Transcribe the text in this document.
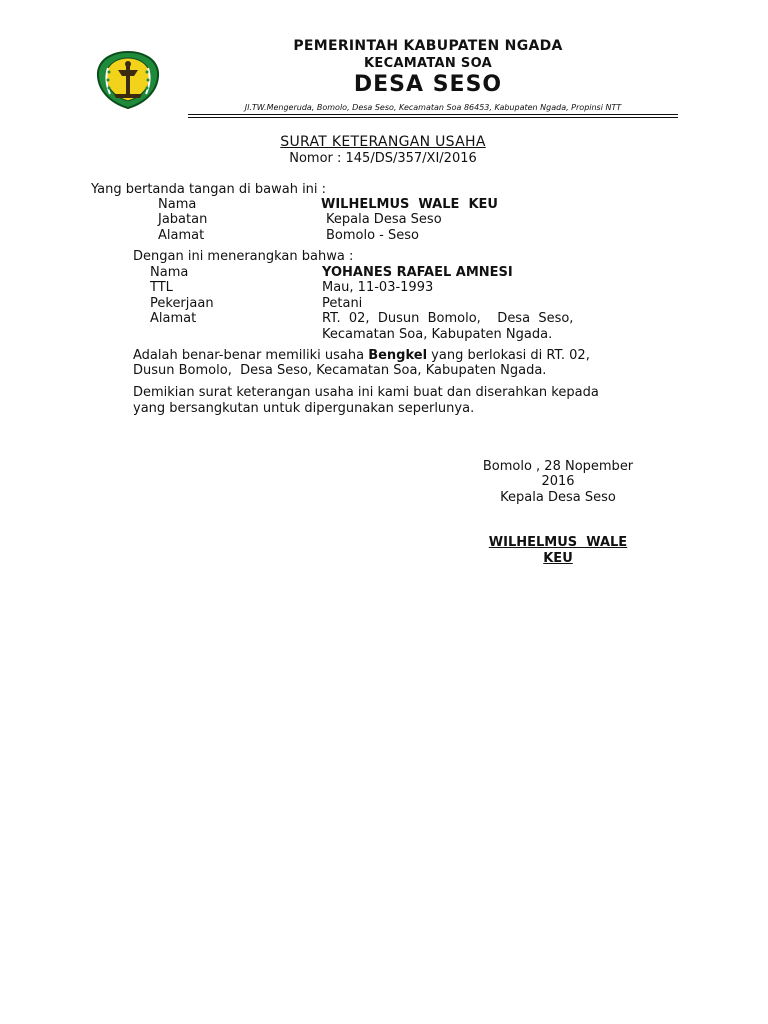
PEMERINTAH KABUPATEN NGADA
KECAMATAN SOA
DESA SESO
Jl.TW.Mengeruda, Bomolo, Desa Seso, Kecamatan Soa 86453, Kabupaten Ngada, Propinsi NTT
SURAT KETERANGAN USAHA
Nomor : 145/DS/357/XI/2016
Yang bertanda tangan di bawah ini :
Nama	WILHELMUS  WALE  KEU
Jabatan	Kepala Desa Seso
Alamat	Bomolo - Seso
Dengan ini menerangkan bahwa :
Nama	YOHANES RAFAEL AMNESI
TTL	Mau, 11-03-1993
Pekerjaan	Petani
Alamat	RT.  02,  Dusun  Bomolo,    Desa  Seso,
Kecamatan Soa, Kabupaten Ngada.
Adalah benar-benar memiliki usaha Bengkel yang berlokasi di RT. 02,
Dusun Bomolo,  Desa Seso, Kecamatan Soa, Kabupaten Ngada.
Demikian surat keterangan usaha ini kami buat dan diserahkan kepada
yang bersangkutan untuk dipergunakan seperlunya.
Bomolo , 28 Nopember
2016
Kepala Desa Seso
WILHELMUS  WALE
KEU
